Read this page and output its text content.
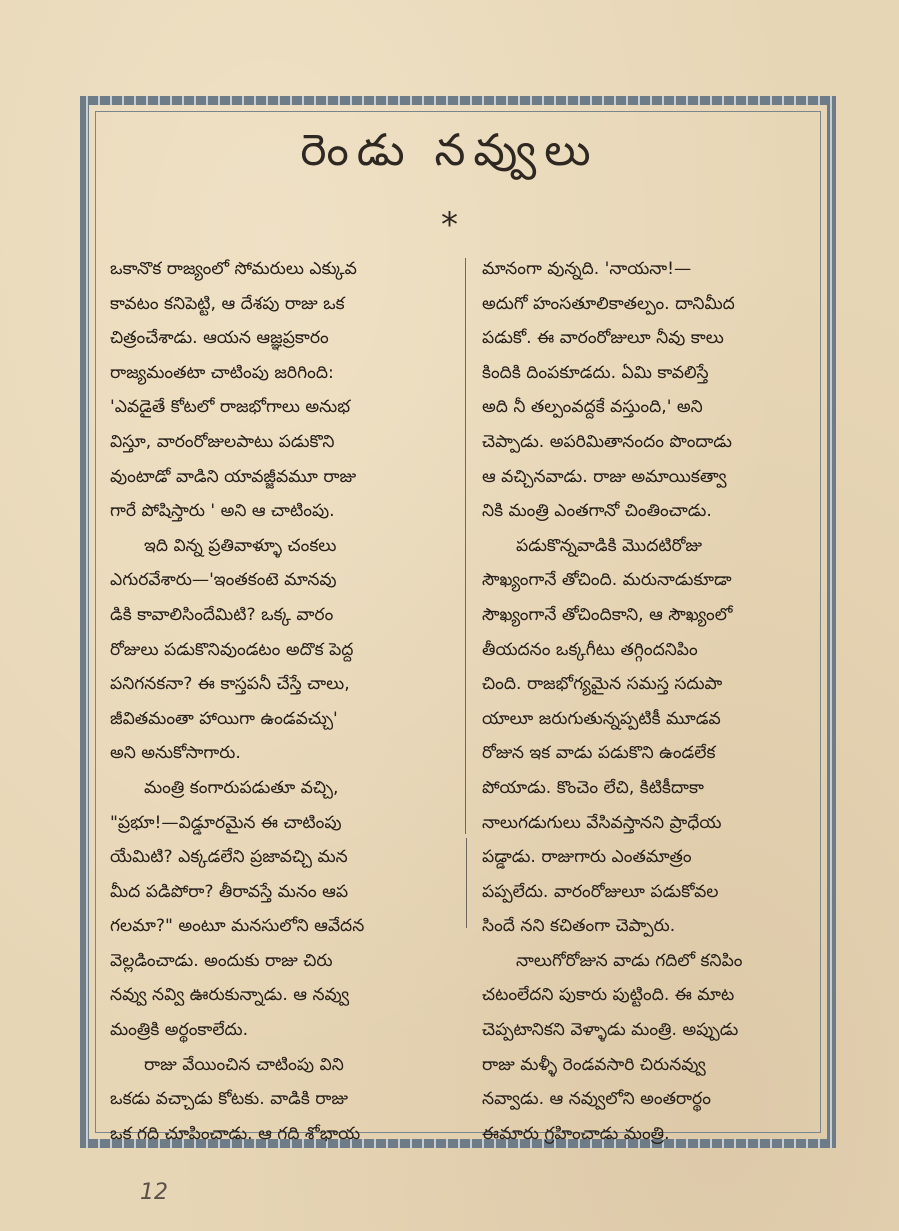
రెండు నవ్వులు
*
ఒకానొక రాజ్యంలో సోమరులు ఎక్కువ
కావటం కనిపెట్టి, ఆ దేశపు రాజు ఒక
చిత్రంచేశాడు. ఆయన ఆజ్ఞప్రకారం
రాజ్యమంతటా చాటింపు జరిగింది:
'ఎవడైతే కోటలో రాజభోగాలు అనుభ
విస్తూ, వారంరోజులపాటు పడుకొని
వుంటాడో వాడిని యావజ్జీవమూ రాజు
గారే పోషిస్తారు ' అని ఆ చాటింపు.
ఇది విన్న ప్రతివాళ్ళూ చంకలు
ఎగురవేశారు—'ఇంతకంటె మానవు
డికి కావాలిసిందేమిటి? ఒక్క వారం
రోజులు పడుకొనివుండటం అదొక పెద్ద
పనిగనకనా? ఈ కాస్తపనీ చేస్తే చాలు,
జీవితమంతా హాయిగా ఉండవచ్చు'
అని అనుకోసాగారు.
మంత్రి కంగారుపడుతూ వచ్చి,
"ప్రభూ!—విడ్డూరమైన ఈ చాటింపు
యేమిటి? ఎక్కడలేని ప్రజావచ్చి మన
మీద పడిపోరా? తీరావస్తే మనం ఆప
గలమా?" అంటూ మనసులోని ఆవేదన
వెల్లడించాడు. అందుకు రాజు చిరు
నవ్వు నవ్వి ఊరుకున్నాడు. ఆ నవ్వు
మంత్రికి అర్థంకాలేదు.
రాజు వేయించిన చాటింపు విని
ఒకడు వచ్చాడు కోటకు. వాడికి రాజు
ఒక గది చూపించాడు. ఆ గది శోభాయ
మానంగా వున్నది. 'నాయనా!—
అదుగో హంసతూలికాతల్పం. దానిమీద
పడుకో. ఈ వారంరోజులూ నీవు కాలు
కిందికి దింపకూడదు. ఏమి కావలిస్తే
అది నీ తల్పంవద్దకే వస్తుంది,' అని
చెప్పాడు. అపరిమితానందం పొందాడు
ఆ వచ్చినవాడు. రాజు అమాయికత్వా
నికి మంత్రి ఎంతగానో చింతించాడు.
పడుకొన్నవాడికి మొదటిరోజు
సౌఖ్యంగానే తోచింది. మరునాడుకూడా
సౌఖ్యంగానే తోచిందికాని, ఆ సౌఖ్యంలో
తీయదనం ఒక్కగీటు తగ్గిందనిపిం
చింది. రాజభోగ్యమైన సమస్త సదుపా
యాలూ జరుగుతున్నప్పటికీ మూడవ
రోజున ఇక వాడు పడుకొని ఉండలేక
పోయాడు. కొంచెం లేచి, కిటికీదాకా
నాలుగడుగులు వేసివస్తానని ప్రాధేయ
పడ్డాడు. రాజుగారు ఎంతమాత్రం
పప్పలేదు. వారంరోజులూ పడుకోవల
సిందే నని కచితంగా చెప్పారు.
నాలుగోరోజున వాడు గదిలో కనిపిం
చటంలేదని పుకారు పుట్టింది. ఈ మాట
చెప్పటానికని వెళ్ళాడు మంత్రి. అప్పుడు
రాజు మళ్ళీ రెండవసారి చిరునవ్వు
నవ్వాడు. ఆ నవ్వులోని అంతరార్థం
ఈమారు గ్రహించాడు మంత్రి.
12
